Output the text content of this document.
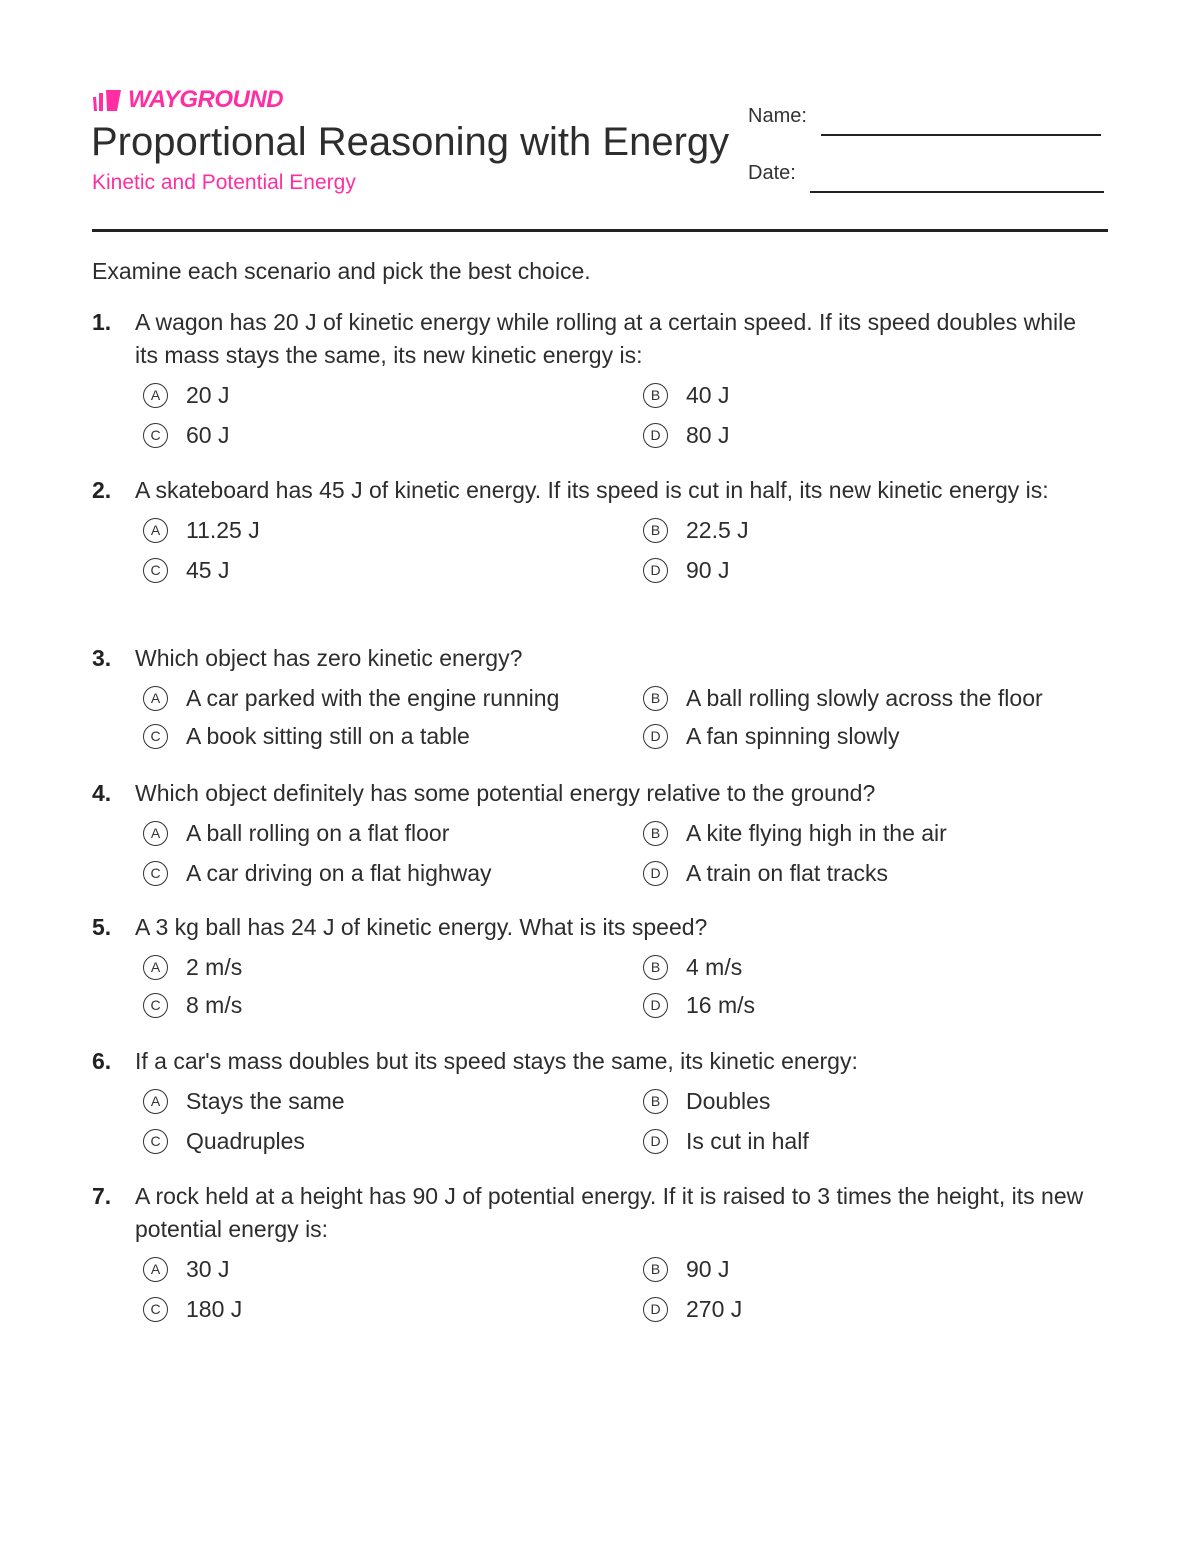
WAYGROUND
Proportional Reasoning with Energy
Kinetic and Potential Energy
Name:
Date:
Examine each scenario and pick the best choice.
1.	A wagon has 20 J of kinetic energy while rolling at a certain speed. If its speed doubles while its mass stays the same, its new kinetic energy is:
A	20 J	B	40 J
C	60 J	D	80 J
2.	A skateboard has 45 J of kinetic energy. If its speed is cut in half, its new kinetic energy is:
A	11.25 J	B	22.5 J
C	45 J	D	90 J
3.	Which object has zero kinetic energy?
A	A car parked with the engine running	B	A ball rolling slowly across the floor
C	A book sitting still on a table	D	A fan spinning slowly
4.	Which object definitely has some potential energy relative to the ground?
A	A ball rolling on a flat floor	B	A kite flying high in the air
C	A car driving on a flat highway	D	A train on flat tracks
5.	A 3 kg ball has 24 J of kinetic energy. What is its speed?
A	2 m/s	B	4 m/s
C	8 m/s	D	16 m/s
6.	If a car's mass doubles but its speed stays the same, its kinetic energy:
A	Stays the same	B	Doubles
C	Quadruples	D	Is cut in half
7.	A rock held at a height has 90 J of potential energy. If it is raised to 3 times the height, its new potential energy is:
A	30 J	B	90 J
C	180 J	D	270 J
